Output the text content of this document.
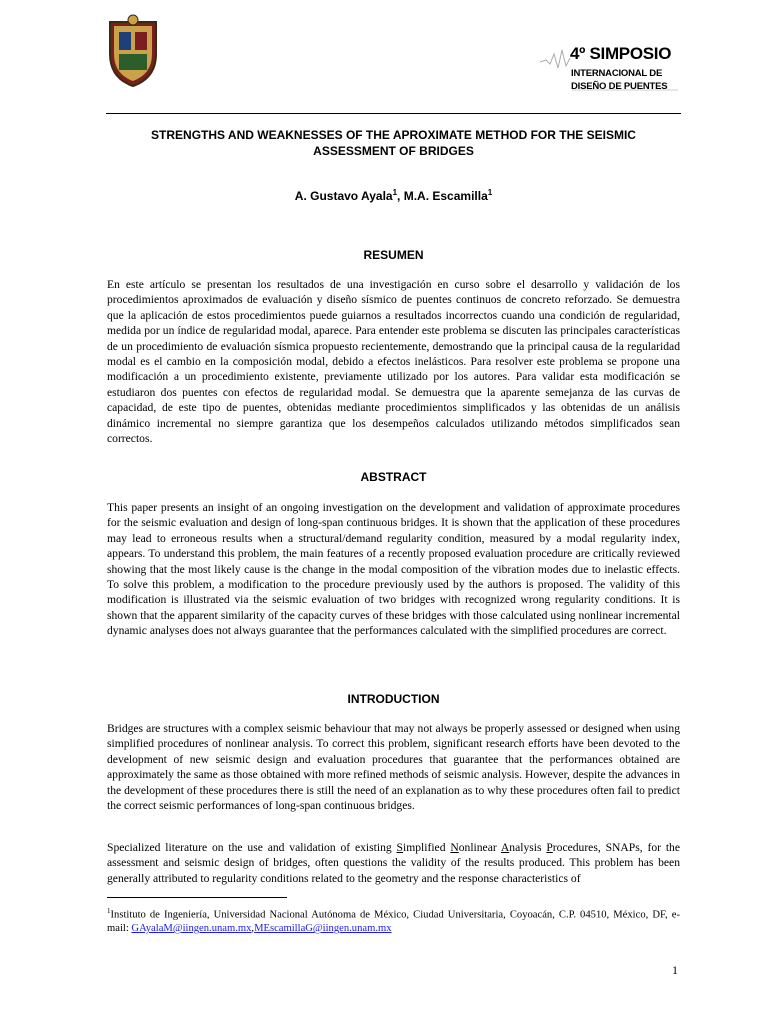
4º SIMPOSIO
INTERNACIONAL DE
DISEÑO DE PUENTES
STRENGTHS AND WEAKNESSES OF THE APROXIMATE METHOD FOR THE SEISMIC
ASSESSMENT OF BRIDGES
A. Gustavo Ayala$^1$, M.A. Escamilla$^1$
RESUMEN
En este artículo se presentan los resultados de una investigación en curso sobre el desarrollo y validación de los procedimientos aproximados de evaluación y diseño sísmico de puentes continuos de concreto reforzado. Se demuestra que la aplicación de estos procedimientos puede guiarnos a resultados incorrectos cuando una condición de regularidad, medida por un índice de regularidad modal, aparece. Para entender este problema se discuten las principales características de un procedimiento de evaluación sísmica propuesto recientemente, demostrando que la principal causa de la regularidad modal es el cambio en la composición modal, debido a efectos inelásticos. Para resolver este problema se propone una modificación a un procedimiento existente, previamente utilizado por los autores. Para validar esta modificación se estudiaron dos puentes con efectos de regularidad modal. Se demuestra que la aparente semejanza de las curvas de capacidad, de este tipo de puentes, obtenidas mediante procedimientos simplificados y las obtenidas de un análisis dinámico incremental no siempre garantiza que los desempeños calculados utilizando métodos simplificados sean correctos.
ABSTRACT
This paper presents an insight of an ongoing investigation on the development and validation of approximate procedures for the seismic evaluation and design of long-span continuous bridges. It is shown that the application of these procedures may lead to erroneous results when a structural/demand regularity condition, measured by a modal regularity index, appears. To understand this problem, the main features of a recently proposed evaluation procedure are critically reviewed showing that the most likely cause is the change in the modal composition of the vibration modes due to inelastic effects. To solve this problem, a modification to the procedure previously used by the authors is proposed. The validity of this modification is illustrated via the seismic evaluation of two bridges with recognized wrong regularity conditions. It is shown that the apparent similarity of the capacity curves of these bridges with those calculated using nonlinear incremental dynamic analyses does not always guarantee that the performances calculated with the simplified procedures are correct.
INTRODUCTION
Bridges are structures with a complex seismic behaviour that may not always be properly assessed or designed when using simplified procedures of nonlinear analysis. To correct this problem, significant research efforts have been devoted to the development of new seismic design and evaluation procedures that guarantee that the performances obtained are approximately the same as those obtained with more refined methods of seismic analysis. However, despite the advances in the development of these procedures there is still the need of an explanation as to why these procedures often fail to predict the correct seismic performances of long-span continuous bridges.
Specialized literature on the use and validation of existing Simplified Nonlinear Analysis Procedures, SNAPs, for the assessment and seismic design of bridges, often questions the validity of the results produced. This problem has been generally attributed to regularity conditions related to the geometry and the response characteristics of
$^1$Instituto de Ingeniería, Universidad Nacional Autónoma de México, Ciudad Universitaria, Coyoacán, C.P. 04510, México, DF, e-mail: GAyalaM@iingen.unam.mx,MEscamillaG@iingen.unam.mx
1
